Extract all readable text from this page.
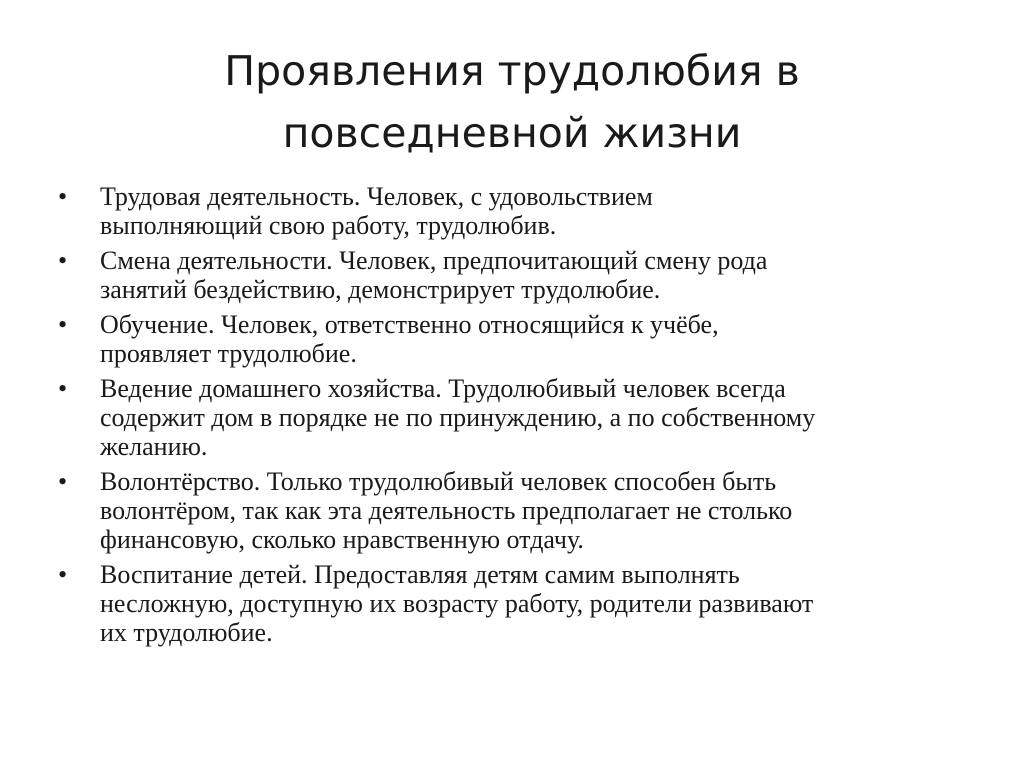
Проявления трудолюбия в
повседневной жизни
• Трудовая деятельность. Человек, с удовольствием
выполняющий свою работу, трудолюбив.
• Смена деятельности. Человек, предпочитающий смену рода
занятий бездействию, демонстрирует трудолюбие.
• Обучение. Человек, ответственно относящийся к учёбе,
проявляет трудолюбие.
• Ведение домашнего хозяйства. Трудолюбивый человек всегда
содержит дом в порядке не по принуждению, а по собственному
желанию.
• Волонтёрство. Только трудолюбивый человек способен быть
волонтёром, так как эта деятельность предполагает не столько
финансовую, сколько нравственную отдачу.
• Воспитание детей. Предоставляя детям самим выполнять
несложную, доступную их возрасту работу, родители развивают
их трудолюбие.
